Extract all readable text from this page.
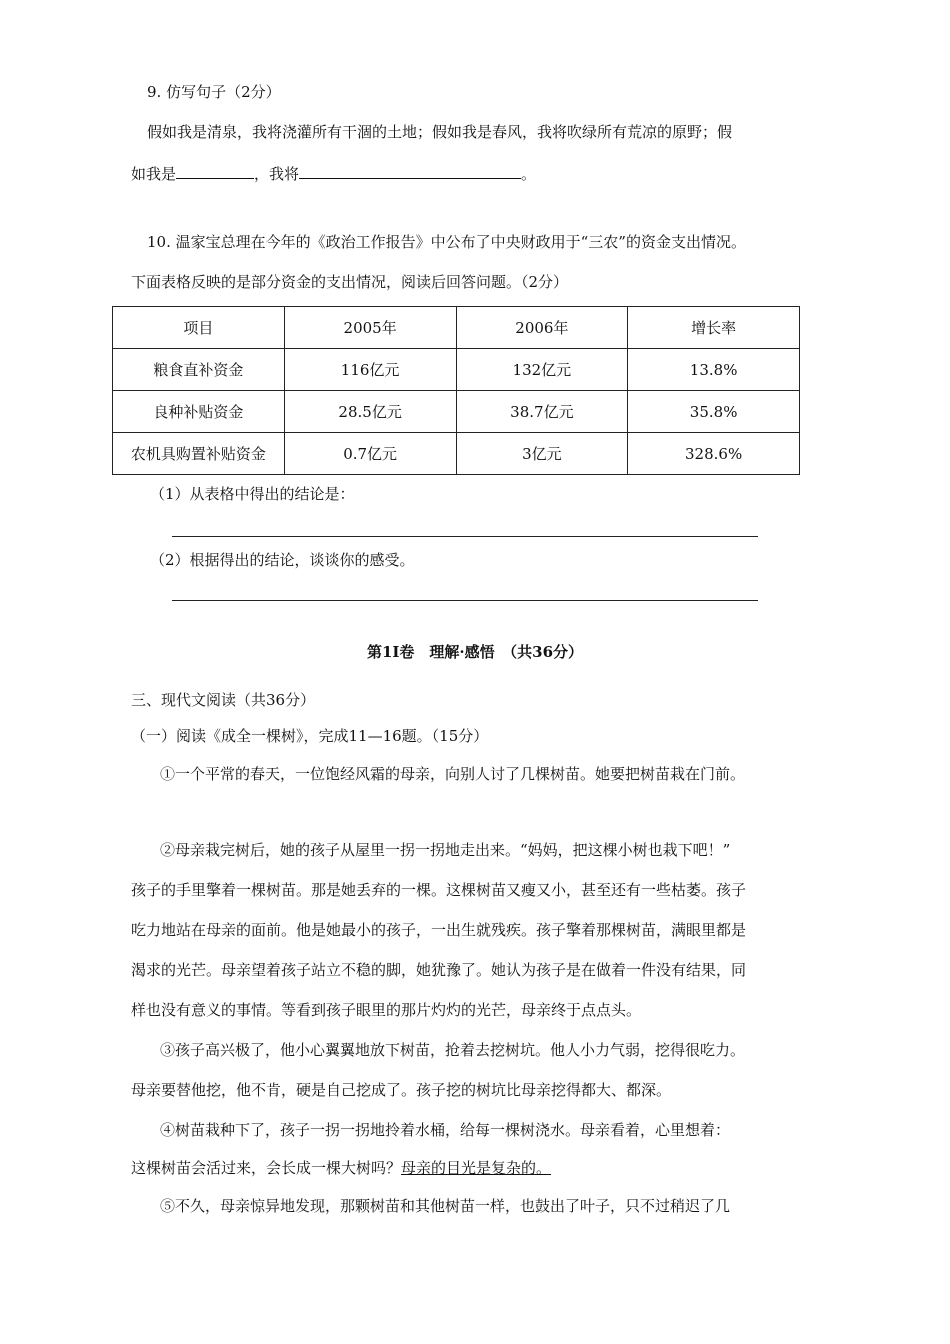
9. 仿写句子（2分）
假如我是清泉，我将浇灌所有干涸的土地；假如我是春风，我将吹绿所有荒凉的原野；假
如我是	，我将	。
10. 温家宝总理在今年的《政治工作报告》中公布了中央财政用于“三农”的资金支出情况。
下面表格反映的是部分资金的支出情况，阅读后回答问题。（2分）
项目	2005年	2006年	增长率
粮食直补资金	116亿元	132亿元	13.8%
良种补贴资金	28.5亿元	38.7亿元	35.8%
农机具购置补贴资金	0.7亿元	3亿元	328.6%
（1）从表格中得出的结论是：
（2）根据得出的结论，谈谈你的感受。
第1I卷　理解·感悟　（共36分）
三、现代文阅读（共36分）
（一）阅读《成全一棵树》，完成11—16题。（15分）
①一个平常的春天，一位饱经风霜的母亲，向别人讨了几棵树苗。她要把树苗栽在门前。
②母亲栽完树后，她的孩子从屋里一拐一拐地走出来。“妈妈，把这棵小树也栽下吧！”
孩子的手里擎着一棵树苗。那是她丢弃的一棵。这棵树苗又瘦又小，甚至还有一些枯萎。孩子
吃力地站在母亲的面前。他是她最小的孩子，一出生就残疾。孩子擎着那棵树苗，满眼里都是
渴求的光芒。母亲望着孩子站立不稳的脚，她犹豫了。她认为孩子是在做着一件没有结果，同
样也没有意义的事情。等看到孩子眼里的那片灼灼的光芒，母亲终于点点头。
③孩子高兴极了，他小心翼翼地放下树苗，抢着去挖树坑。他人小力气弱，挖得很吃力。
母亲要替他挖，他不肯，硬是自己挖成了。孩子挖的树坑比母亲挖得都大、都深。
④树苗栽种下了，孩子一拐一拐地拎着水桶，给每一棵树浇水。母亲看着，心里想着：
这棵树苗会活过来，会长成一棵大树吗？母亲的目光是复杂的。
⑤不久，母亲惊异地发现，那颗树苗和其他树苗一样，也鼓出了叶子，只不过稍迟了几
